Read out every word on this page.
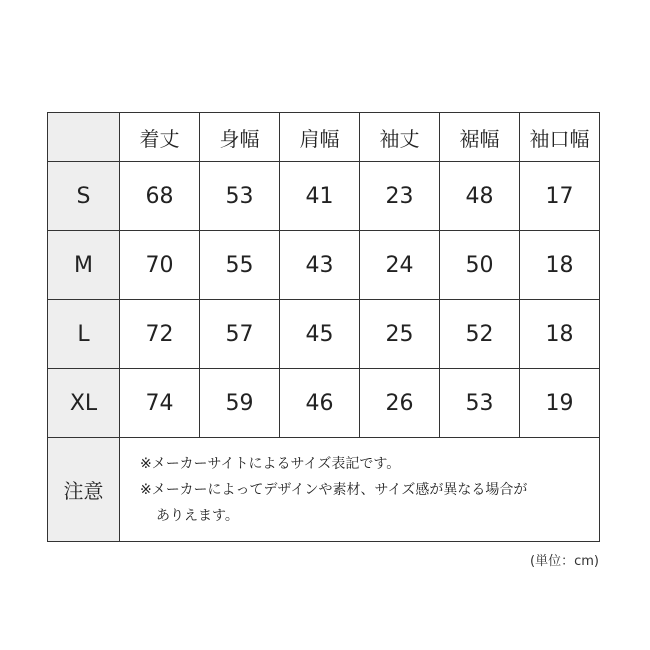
	着丈	身幅	肩幅	袖丈	裾幅	袖口幅
S	68	53	41	23	48	17
M	70	55	43	24	50	18
L	72	57	45	25	52	18
XL	74	59	46	26	53	19
注意	※メーカーサイトによるサイズ表記です。
※メーカーによってデザインや素材、サイズ感が異なる場合が
ありえます。					
(単位：cm)
